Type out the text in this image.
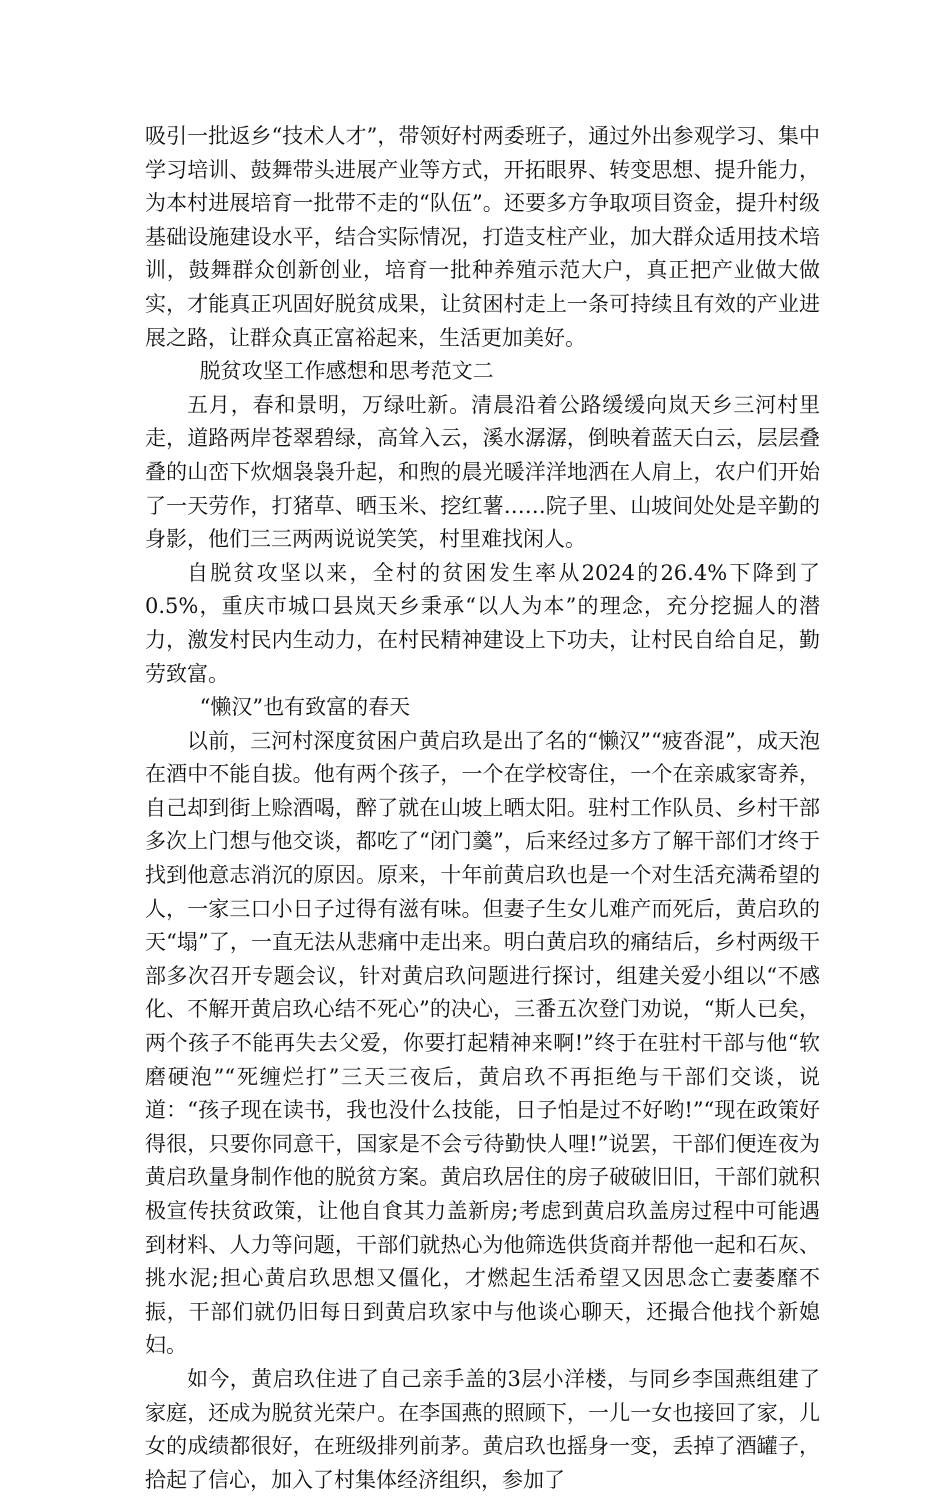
吸引一批返乡“技术人才”，带领好村两委班子，通过外出参观学习、集中学习培训、鼓舞带头进展产业等方式，开拓眼界、转变思想、提升能力，为本村进展培育一批带不走的“队伍”。还要多方争取项目资金，提升村级基础设施建设水平，结合实际情况，打造支柱产业，加大群众适用技术培训，鼓舞群众创新创业，培育一批种养殖示范大户，真正把产业做大做实，才能真正巩固好脱贫成果，让贫困村走上一条可持续且有效的产业进展之路，让群众真正富裕起来，生活更加美好。

脱贫攻坚工作感想和思考范文二

五月，春和景明，万绿吐新。清晨沿着公路缓缓向岚天乡三河村里走，道路两岸苍翠碧绿，高耸入云，溪水潺潺，倒映着蓝天白云，层层叠叠的山峦下炊烟袅袅升起，和煦的晨光暖洋洋地洒在人肩上，农户们开始了一天劳作，打猪草、晒玉米、挖红薯……院子里、山坡间处处是辛勤的身影，他们三三两两说说笑笑，村里难找闲人。

自脱贫攻坚以来，全村的贫困发生率从2024的26.4%下降到了0.5%，重庆市城口县岚天乡秉承“以人为本”的理念，充分挖掘人的潜力，激发村民内生动力，在村民精神建设上下功夫，让村民自给自足，勤劳致富。

“懒汉”也有致富的春天

以前，三河村深度贫困户黄启玖是出了名的“懒汉”“疲沓混”，成天泡在酒中不能自拔。他有两个孩子，一个在学校寄住，一个在亲戚家寄养，自己却到街上赊酒喝，醉了就在山坡上晒太阳。驻村工作队员、乡村干部多次上门想与他交谈，都吃了“闭门羹”，后来经过多方了解干部们才终于找到他意志消沉的原因。原来，十年前黄启玖也是一个对生活充满希望的人，一家三口小日子过得有滋有味。但妻子生女儿难产而死后，黄启玖的天“塌”了，一直无法从悲痛中走出来。明白黄启玖的痛结后，乡村两级干部多次召开专题会议，针对黄启玖问题进行探讨，组建关爱小组以“不感化、不解开黄启玖心结不死心”的决心，三番五次登门劝说，“斯人已矣，两个孩子不能再失去父爱，你要打起精神来啊!”终于在驻村干部与他“软磨硬泡”“死缠烂打”三天三夜后，黄启玖不再拒绝与干部们交谈，说道：“孩子现在读书，我也没什么技能，日子怕是过不好哟!”“现在政策好得很，只要你同意干，国家是不会亏待勤快人哩!”说罢，干部们便连夜为黄启玖量身制作他的脱贫方案。黄启玖居住的房子破破旧旧，干部们就积极宣传扶贫政策，让他自食其力盖新房;考虑到黄启玖盖房过程中可能遇到材料、人力等问题，干部们就热心为他筛选供货商并帮他一起和石灰、挑水泥;担心黄启玖思想又僵化，才燃起生活希望又因思念亡妻萎靡不振，干部们就仍旧每日到黄启玖家中与他谈心聊天，还撮合他找个新媳妇。

如今，黄启玖住进了自己亲手盖的3层小洋楼，与同乡李国燕组建了家庭，还成为脱贫光荣户。在李国燕的照顾下，一儿一女也接回了家，儿女的成绩都很好，在班级排列前茅。黄启玖也摇身一变，丢掉了酒罐子，拾起了信心，加入了村集体经济组织，参加了
